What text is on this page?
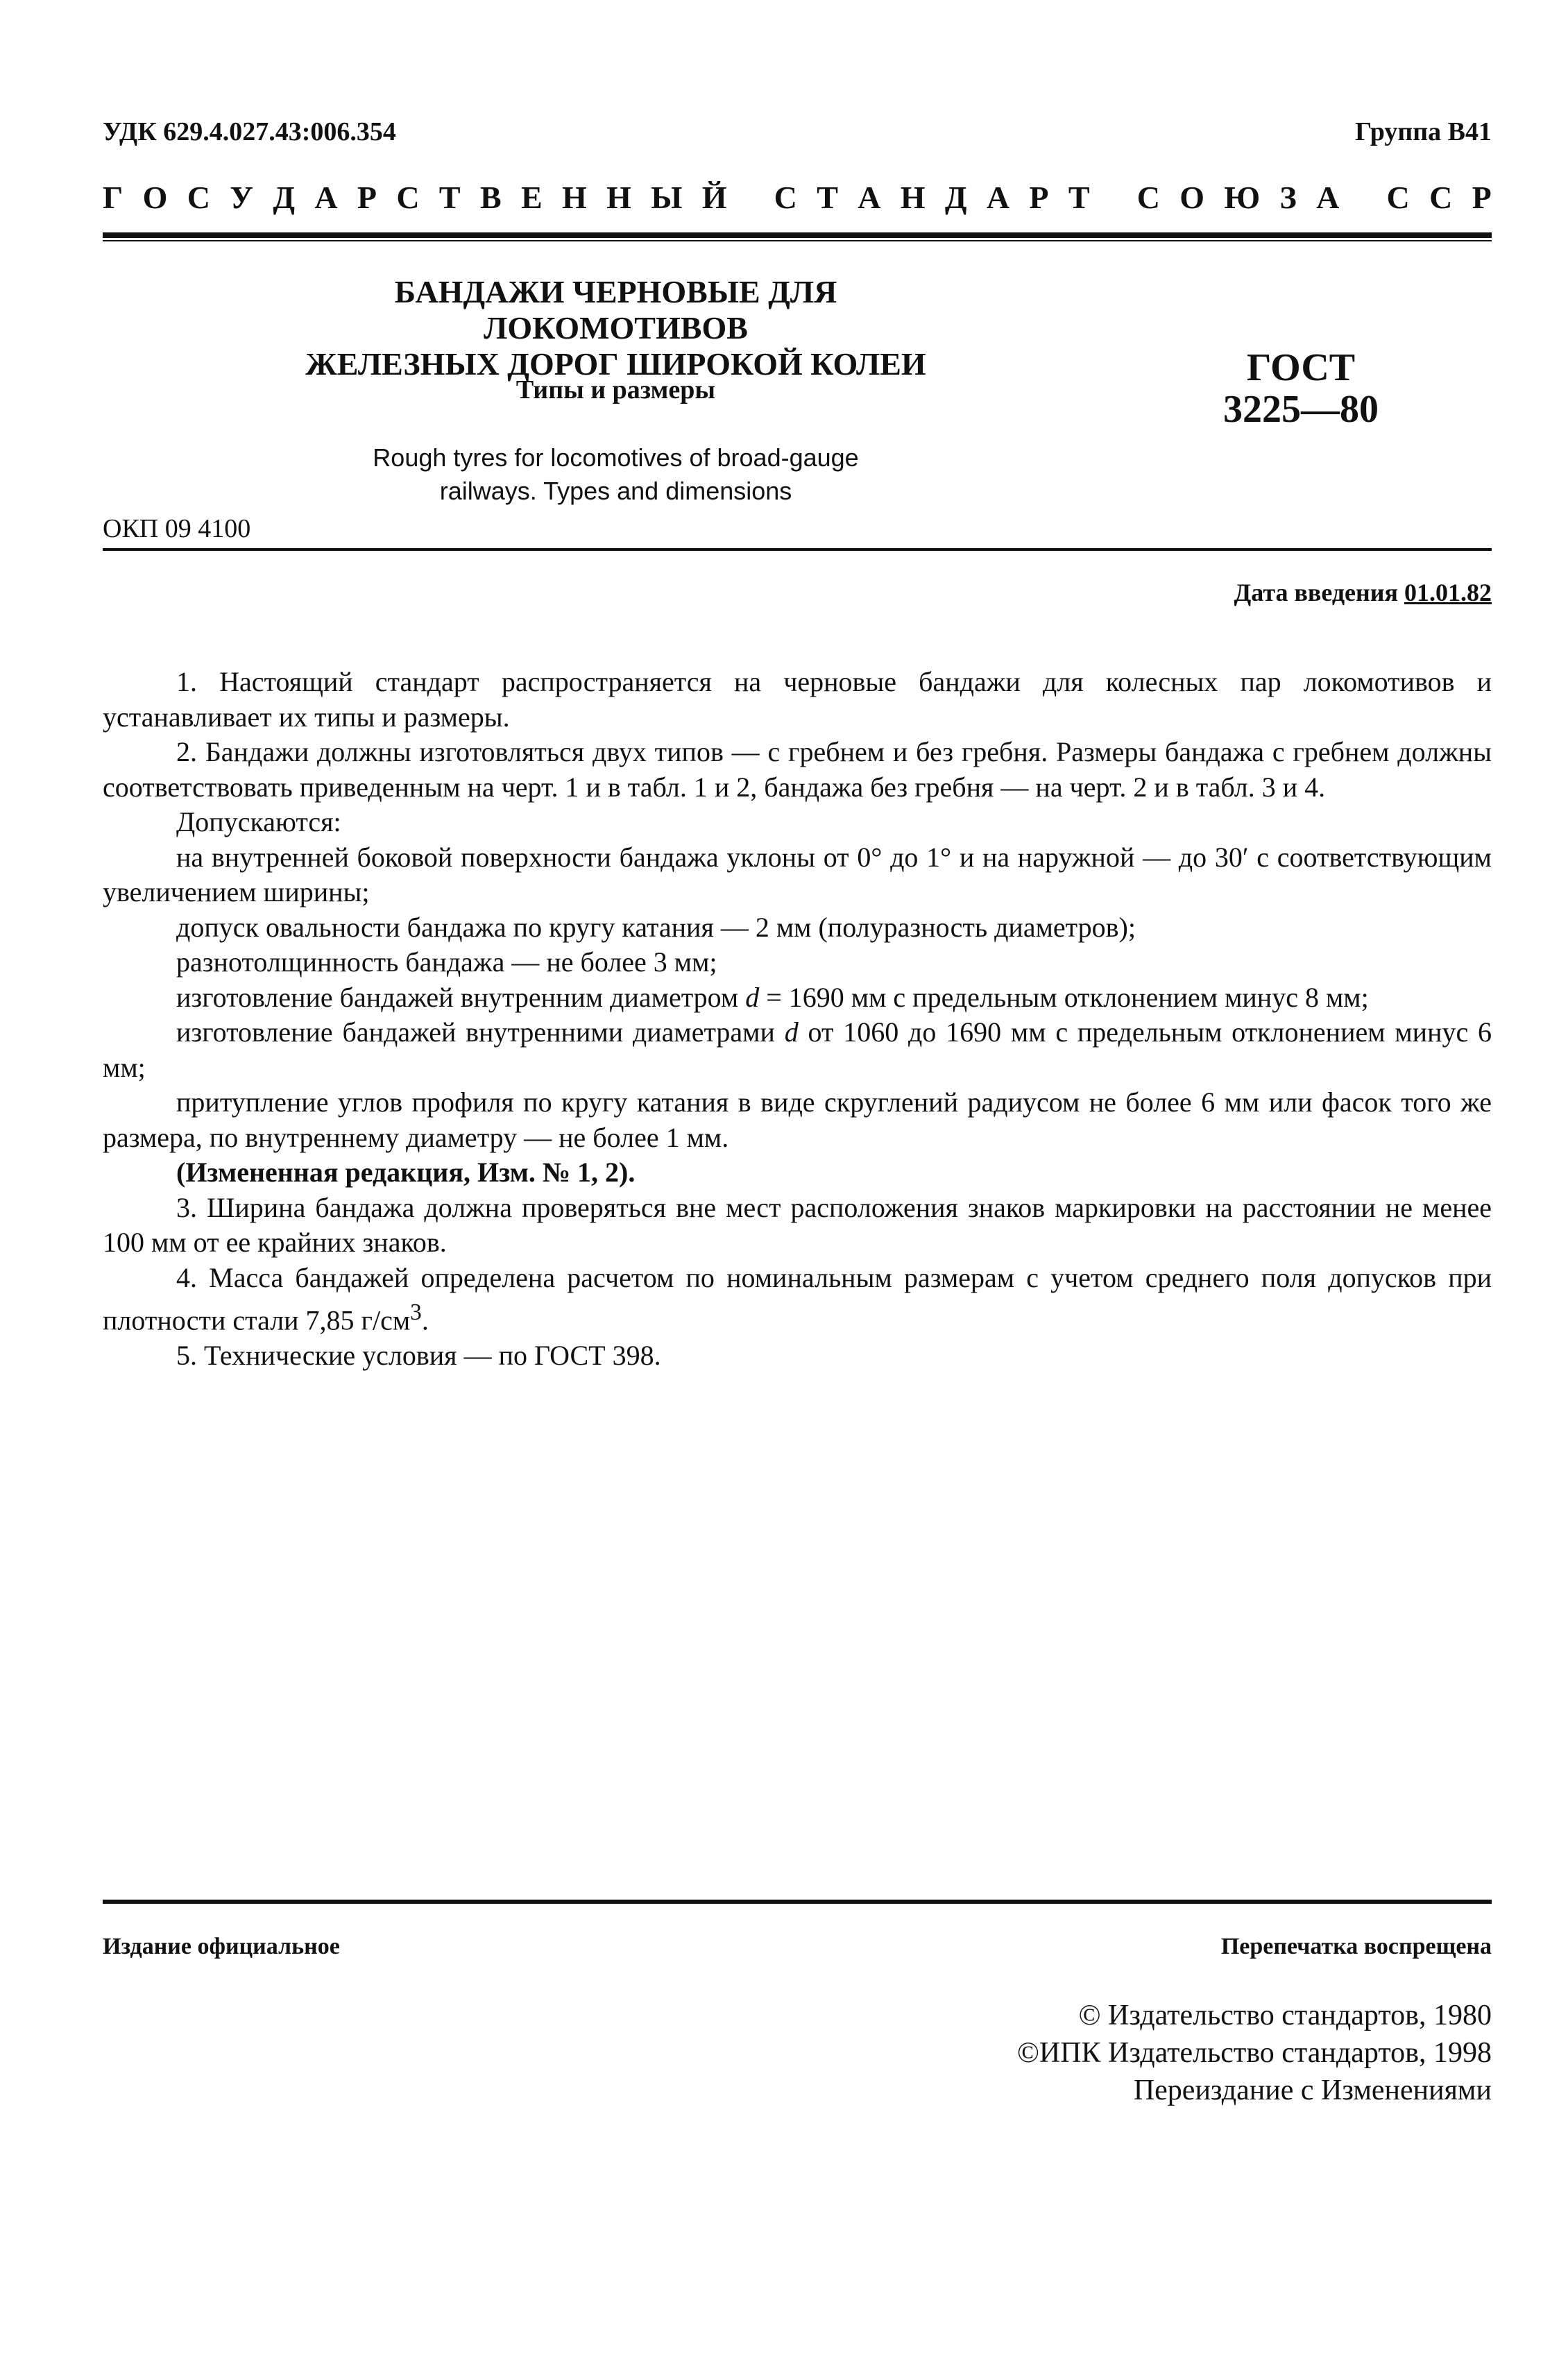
УДК 629.4.027.43:006.354	Группа В41
Г О С У Д А Р С Т В Е Н Н Ы Й
С Т А Н Д А Р Т
С О Ю З А
С С Р
БАНДАЖИ ЧЕРНОВЫЕ ДЛЯ ЛОКОМОТИВОВ
ЖЕЛЕЗНЫХ ДОРОГ ШИРОКОЙ КОЛЕИ
Типы и размеры
ГОСТ
3225—80
Rough tyres for locomotives of broad-gauge
railways. Types and dimensions
ОКП 09 4100
Дата введения 01.01.82

1. Настоящий стандарт распространяется на черновые бандажи для колесных пар локомотивов и устанавливает их типы и размеры.

2. Бандажи должны изготовляться двух типов — с гребнем и без гребня. Размеры бандажа с гребнем должны соответствовать приведенным на черт. 1 и в табл. 1 и 2, бандажа без гребня — на черт. 2 и в табл. 3 и 4.

Допускаются:

на внутренней боковой поверхности бандажа уклоны от 0° до 1° и на наружной — до 30′ с соответствующим увеличением ширины;

допуск овальности бандажа по кругу катания — 2 мм (полуразность диаметров);

разнотолщинность бандажа — не более 3 мм;

изготовление бандажей внутренним диаметром d = 1690 мм с предельным отклонением минус 8 мм;

изготовление бандажей внутренними диаметрами d от 1060 до 1690 мм с предельным отклонением минус 6 мм;

притупление углов профиля по кругу катания в виде скруглений радиусом не более 6 мм или фасок того же размера, по внутреннему диаметру — не более 1 мм.

(Измененная редакция, Изм. № 1, 2).

3. Ширина бандажа должна проверяться вне мест расположения знаков маркировки на расстоянии не менее 100 мм от ее крайних знаков.

4. Масса бандажей определена расчетом по номинальным размерам с учетом среднего поля допусков при плотности стали 7,85 $г/см^3$.

5. Технические условия — по ГОСТ 398.

Издание официальное	Перепечатка воспрещена
© Издательство стандартов, 1980
©ИПК Издательство стандартов, 1998
Переиздание с Изменениями
